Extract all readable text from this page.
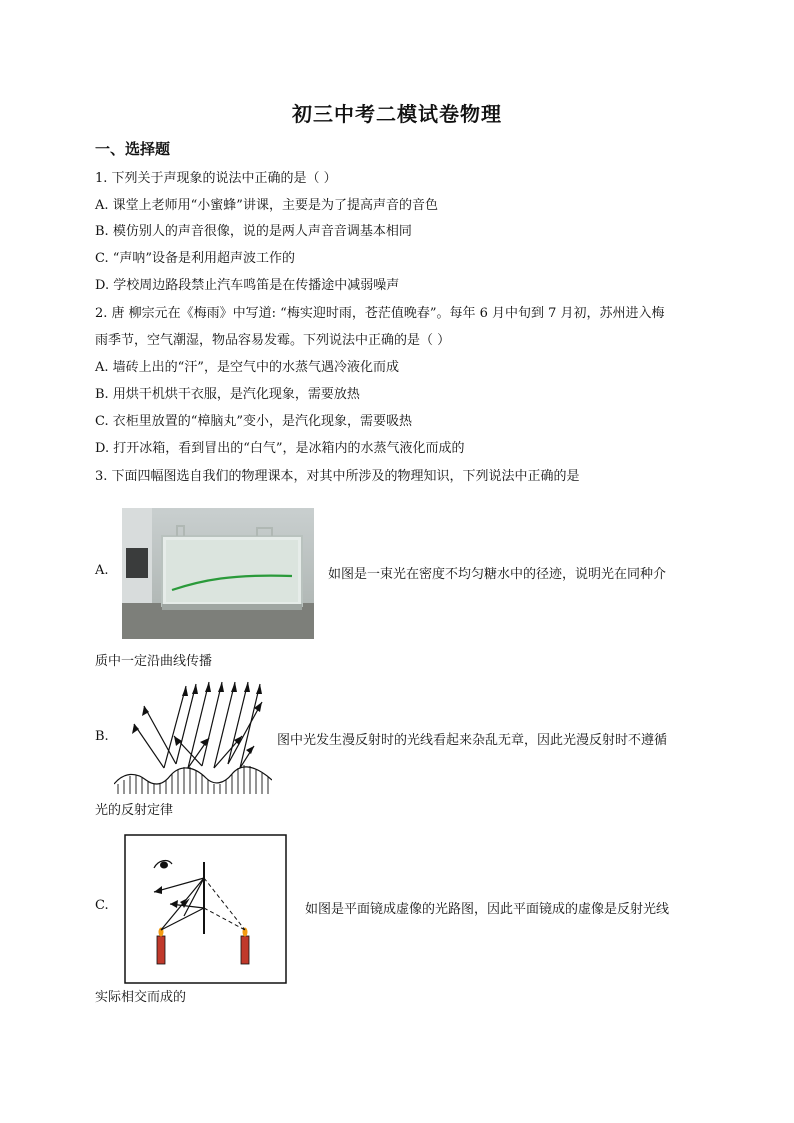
初三中考二模试卷物理
一、选择题
1. 下列关于声现象的说法中正确的是（ ）
A. 课堂上老师用“小蜜蜂”讲课，主要是为了提高声音的音色
B. 模仿别人的声音很像，说的是两人声音音调基本相同
C. “声呐”设备是利用超声波工作的
D. 学校周边路段禁止汽车鸣笛是在传播途中减弱噪声
2. 唐 柳宗元在《梅雨》中写道: “梅实迎时雨，苍茫值晚春”。每年 6 月中旬到 7 月初，苏州进入梅
雨季节，空气潮湿，物品容易发霉。下列说法中正确的是（ ）
A. 墙砖上出的“汗”，是空气中的水蒸气遇冷液化而成
B. 用烘干机烘干衣服，是汽化现象，需要放热
C. 衣柜里放置的“樟脑丸”变小，是汽化现象，需要吸热
D. 打开冰箱，看到冒出的“白气”，是冰箱内的水蒸气液化而成的
3. 下面四幅图选自我们的物理课本，对其中所涉及的物理知识，下列说法中正确的是
A.	如图是一束光在密度不均匀糖水中的径迹，说明光在同种介
质中一定沿曲线传播
B.	图中光发生漫反射时的光线看起来杂乱无章，因此光漫反射时不遵循
光的反射定律
C.	如图是平面镜成虚像的光路图，因此平面镜成的虚像是反射光线
实际相交而成的
